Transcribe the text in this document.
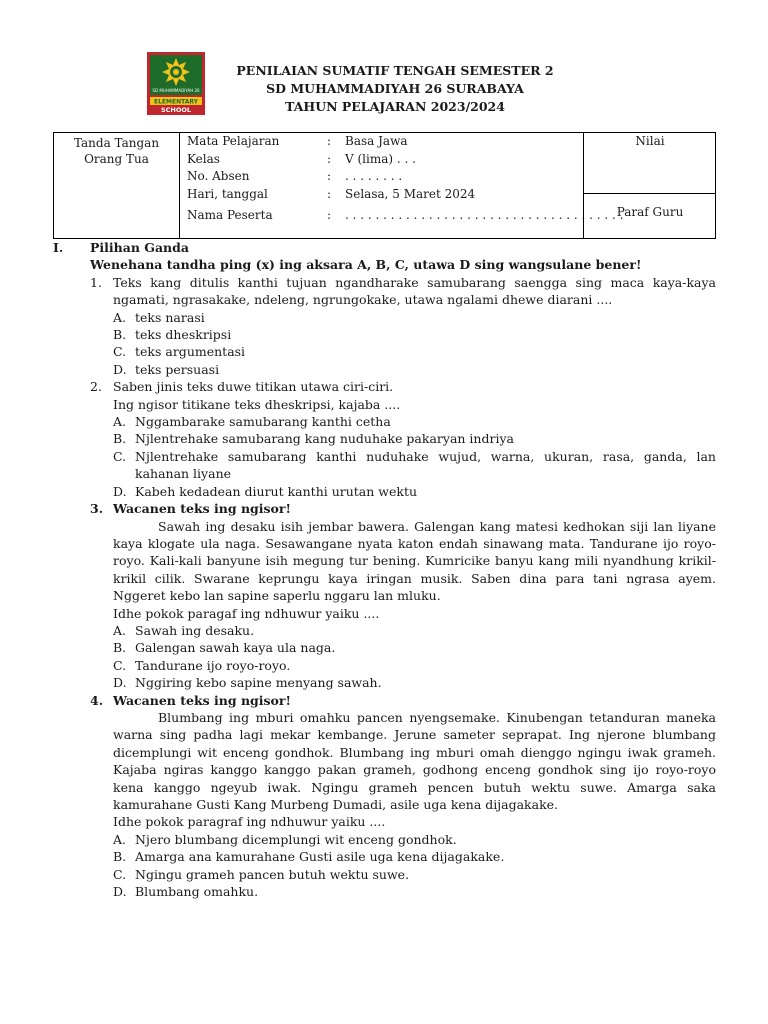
SD MUHAMMADIYAH 26
ELEMENTARY
SCHOOL
PENILAIAN SUMATIF TENGAH SEMESTER 2
SD MUHAMMADIYAH 26 SURABAYA
TAHUN PELAJARAN 2023/2024
Tanda Tangan
Orang Tua
Mata Pelajaran	: Basa Jawa
Kelas	: V (lima) . . .
No. Absen	: . . . . . . . .
Hari, tanggal	: Selasa, 5 Maret 2024
Nama Peserta	: . . . . . . . . . . . . . . . . . . . . . . . . . . . . . . . . . . . . .
Nilai
Paraf Guru
I.	Pilihan Ganda
Wenehana tandha ping (x) ing aksara A, B, C, utawa D sing wangsulane bener!
1. Teks kang ditulis kanthi tujuan ngandharake samubarang saengga sing maca kaya-kaya ngamati, ngrasakake, ndeleng, ngrungokake, utawa ngalami dhewe diarani ....
A. teks narasi
B. teks dheskripsi
C. teks argumentasi
D. teks persuasi
2. Saben jinis teks duwe titikan utawa ciri-ciri.
Ing ngisor titikane teks dheskripsi, kajaba ....
A. Nggambarake samubarang kanthi cetha
B. Njlentrehake samubarang kang nuduhake pakaryan indriya
C. Njlentrehake samubarang kanthi nuduhake wujud, warna, ukuran, rasa, ganda, lan kahanan liyane
D. Kabeh kedadean diurut kanthi urutan wektu
3. Wacanen teks ing ngisor!
Sawah ing desaku isih jembar bawera. Galengan kang matesi kedhokan siji lan liyane kaya klogate ula naga. Sesawangane nyata katon endah sinawang mata. Tandurane ijo royo-royo. Kali-kali banyune isih megung tur bening. Kumricike banyu kang mili nyandhung krikil-krikil cilik. Swarane keprungu kaya iringan musik. Saben dina para tani ngrasa ayem. Nggeret kebo lan sapine saperlu nggaru lan mluku.
Idhe pokok paragaf ing ndhuwur yaiku ....
A. Sawah ing desaku.
B. Galengan sawah kaya ula naga.
C. Tandurane ijo royo-royo.
D. Nggiring kebo sapine menyang sawah.
4. Wacanen teks ing ngisor!
Blumbang ing mburi omahku pancen nyengsemake. Kinubengan tetanduran maneka warna sing padha lagi mekar kembange. Jerune sameter seprapat. Ing njerone blumbang dicemplungi wit enceng gondhok. Blumbang ing mburi omah dienggo ngingu iwak grameh. Kajaba ngiras kanggo kanggo pakan grameh, godhong enceng gondhok sing ijo royo-royo kena kanggo ngeyub iwak. Ngingu grameh pencen butuh wektu suwe. Amarga saka kamurahane Gusti Kang Murbeng Dumadi, asile uga kena dijagakake.
Idhe pokok paragraf ing ndhuwur yaiku ....
A. Njero blumbang dicemplungi wit enceng gondhok.
B. Amarga ana kamurahane Gusti asile uga kena dijagakake.
C. Ngingu grameh pancen butuh wektu suwe.
D. Blumbang omahku.
